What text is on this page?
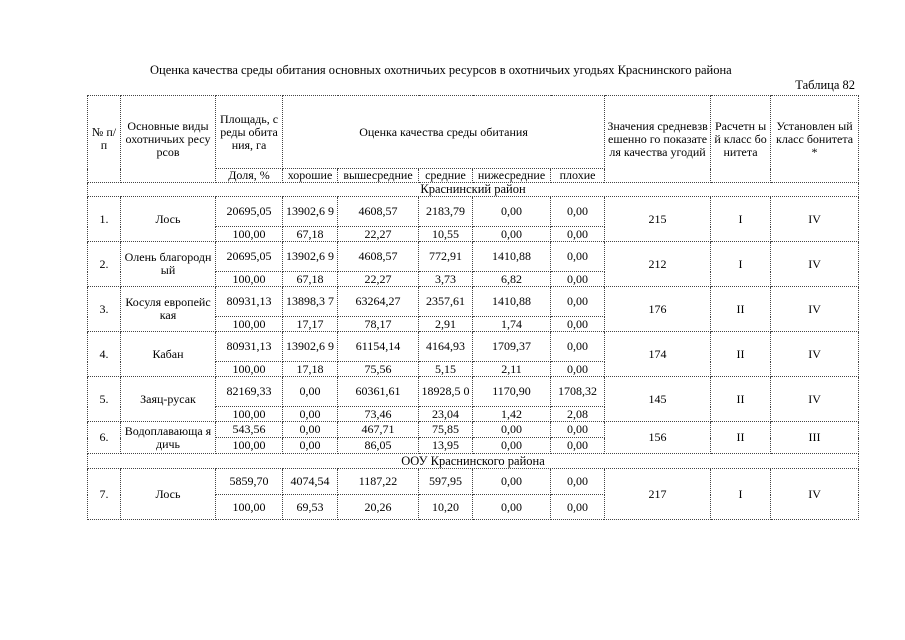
Оценка качества среды обитания основных охотничьих ресурсов в охотничьих угодьях Краснинского района
Таблица 82
№ п/п	Основные виды охотничьих ресурсов	Площадь, среды обитания, га	Оценка качества среды обитания					Значения средневзвешенно го показателя качества угодий	Расчетн ый класс бонитета	Установлен ый класс бонитета*
		Доля, %	хорошие	вышесредние	средние	нижесредние	плохие			
Краснинский район										
1.	Лось	20695,05	13902,6 9	4608,57	2183,79	0,00	0,00	215	I	IV
		100,00	67,18	22,27	10,55	0,00	0,00			
2.	Олень благородный	20695,05	13902,6 9	4608,57	772,91	1410,88	0,00	212	I	IV
		100,00	67,18	22,27	3,73	6,82	0,00			
3.	Косуля европейская	80931,13	13898,3 7	63264,27	2357,61	1410,88	0,00	176	II	IV
		100,00	17,17	78,17	2,91	1,74	0,00			
4.	Кабан	80931,13	13902,6 9	61154,14	4164,93	1709,37	0,00	174	II	IV
		100,00	17,18	75,56	5,15	2,11	0,00			
5.	Заяц-русак	82169,33	0,00	60361,61	18928,5 0	1170,90	1708,32	145	II	IV
		100,00	0,00	73,46	23,04	1,42	2,08			
6.	Водоплавающа я дичь	543,56	0,00	467,71	75,85	0,00	0,00	156	II	III
		100,00	0,00	86,05	13,95	0,00	0,00			
ООУ Краснинского района										
7.	Лось	5859,70	4074,54	1187,22	597,95	0,00	0,00	217	I	IV
		100,00	69,53	20,26	10,20	0,00	0,00			
